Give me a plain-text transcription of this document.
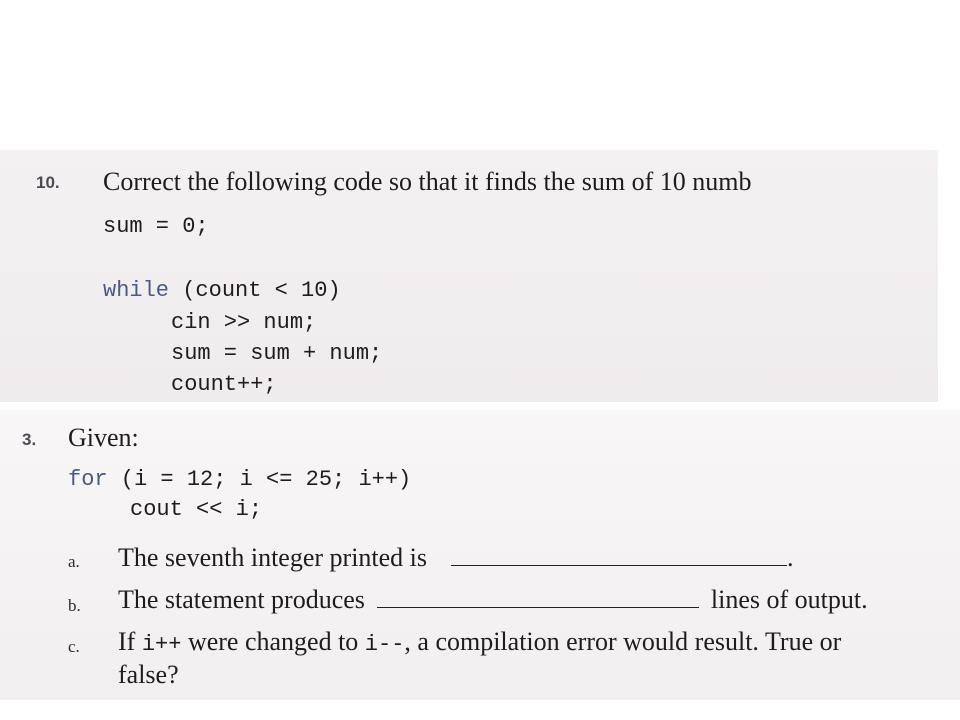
10. Correct the following code so that it finds the sum of 10 numb
sum = 0;
while (count < 10)
cin >> num;
sum = sum + num;
count++;
3. Given:
for (i = 12; i <= 25; i++)
cout << i;
a. The seventh integer printed is	.
b. The statement produces	lines of output.
c. If i++ were changed to i--, a compilation error would result. True or
false?
